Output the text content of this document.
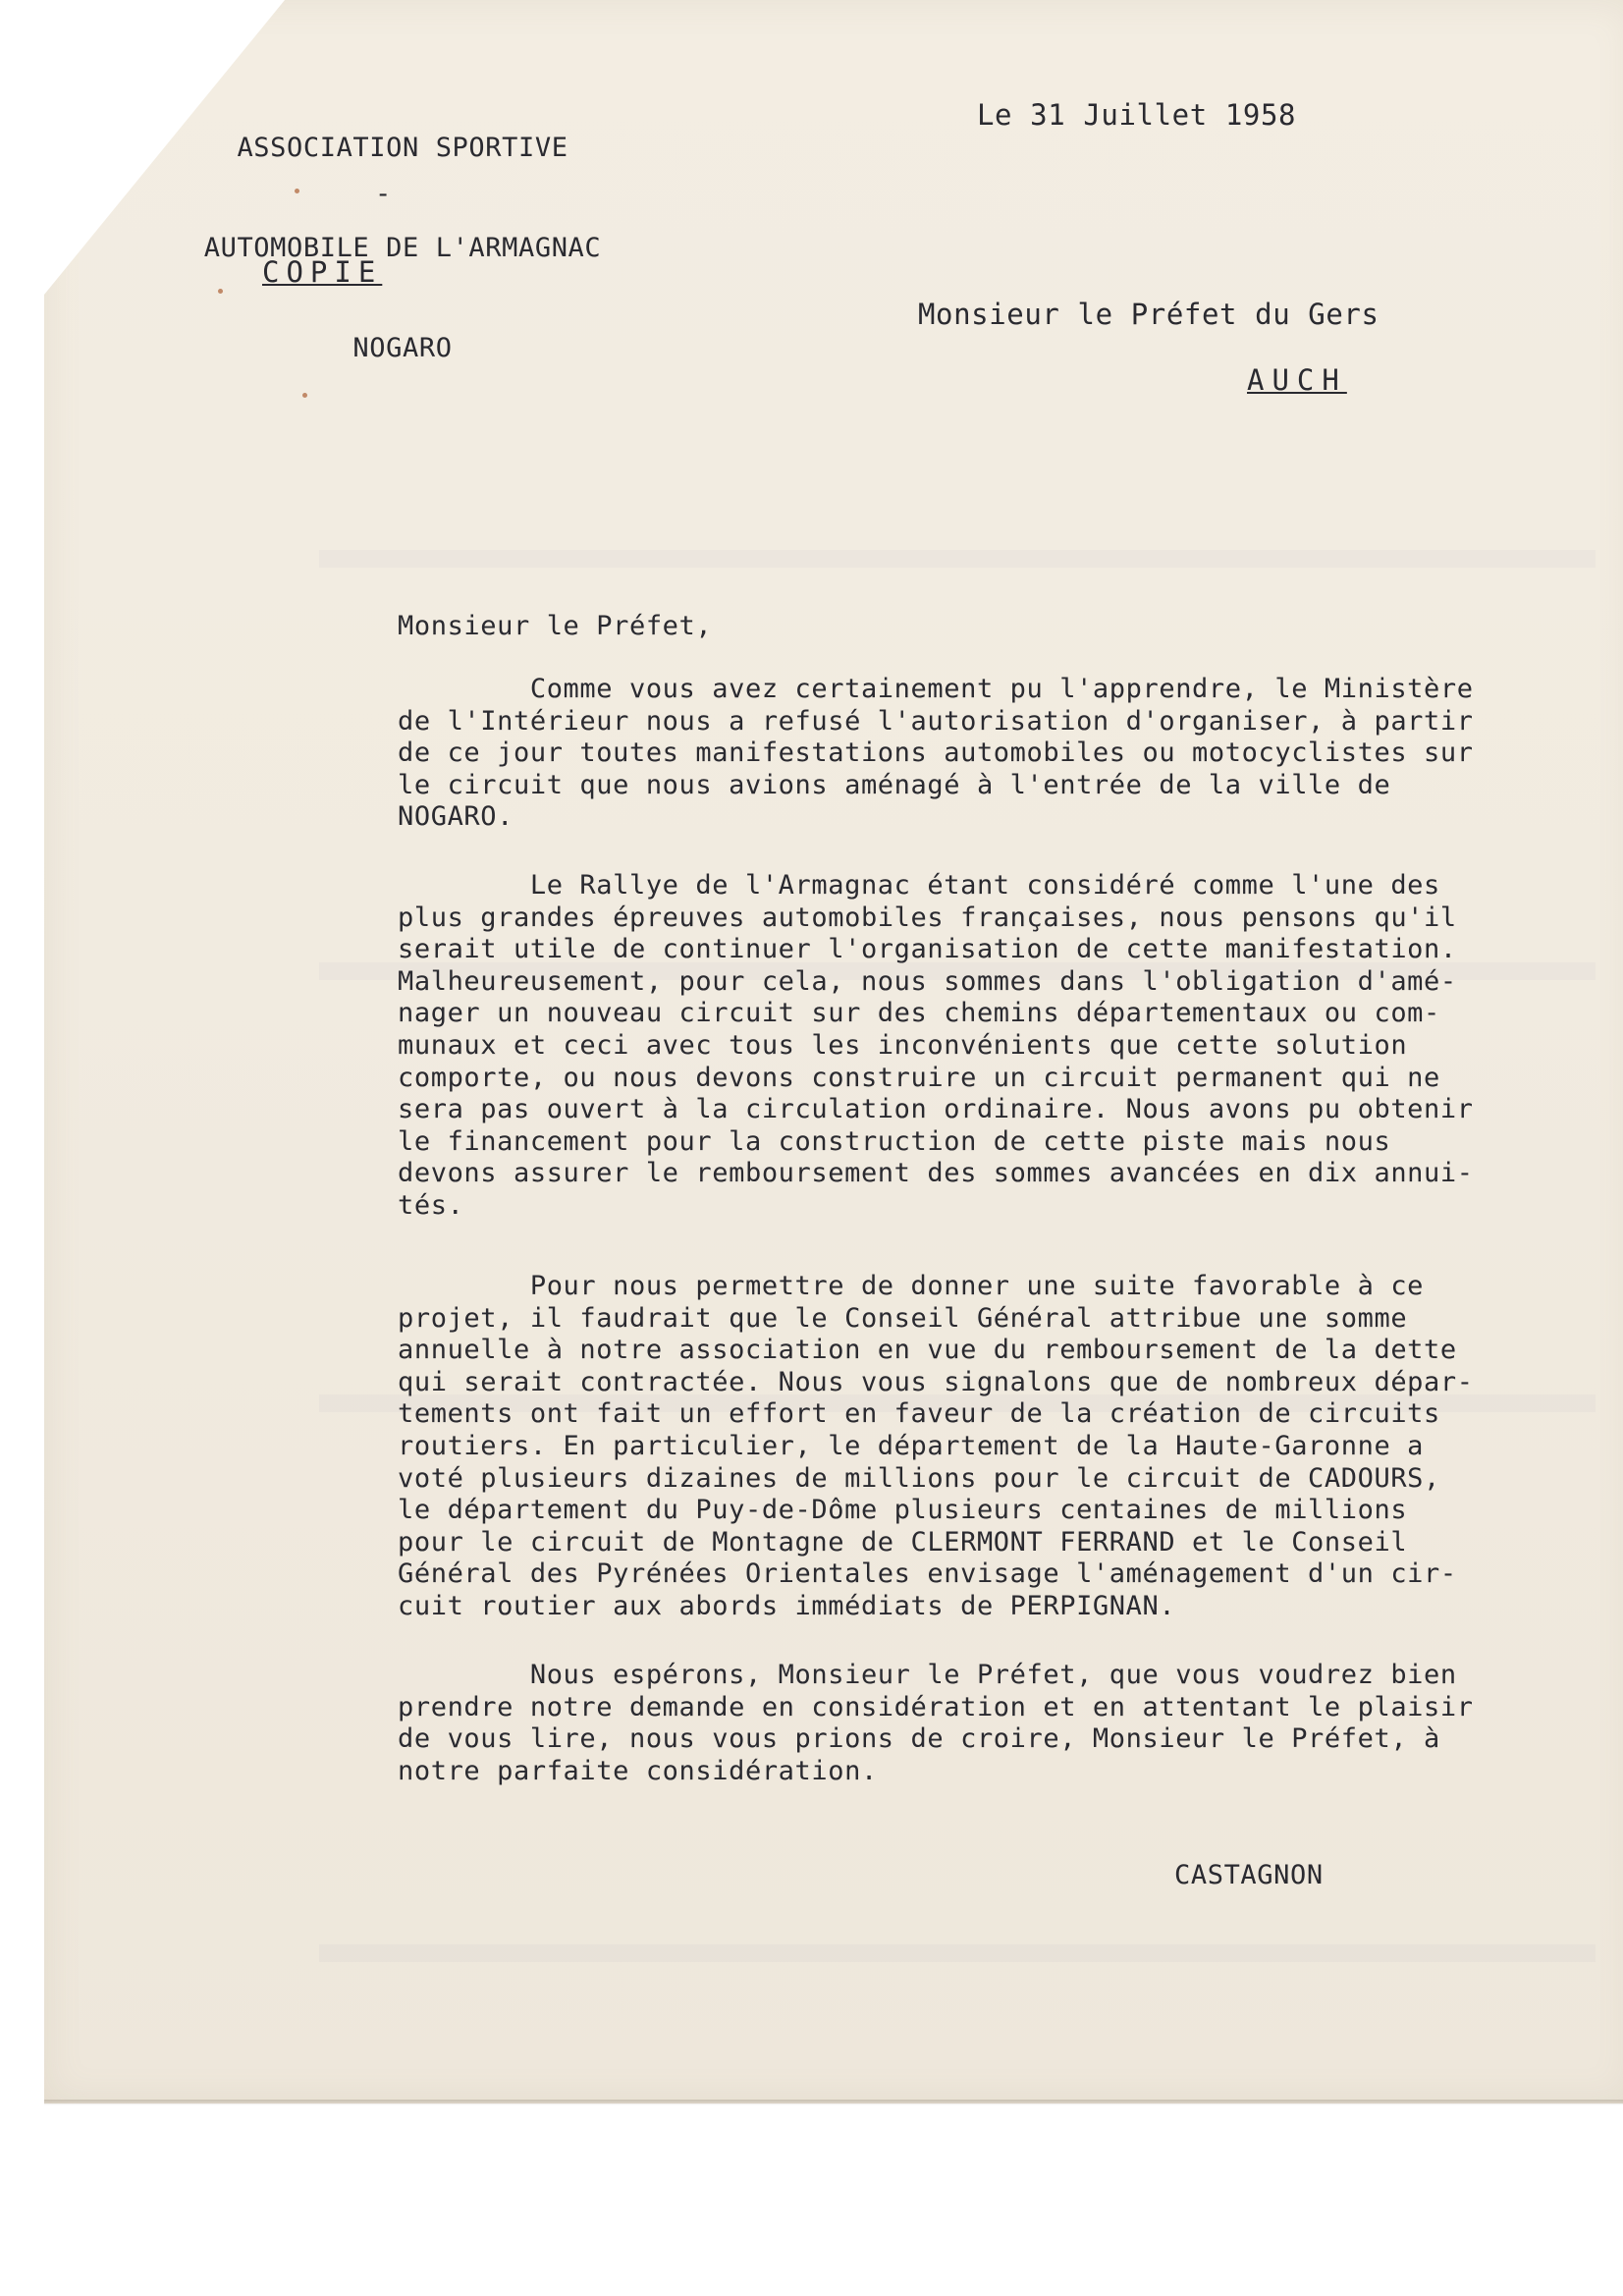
ASSOCIATION SPORTIVE

AUTOMOBILE DE L'ARMAGNAC

NOGARO

-
Le 31 Juillet 1958
COPIE
Monsieur le Préfet du Gers
AUCH
Monsieur le Préfet,
Comme vous avez certainement pu l'apprendre, le Ministère
de l'Intérieur nous a refusé l'autorisation d'organiser, à partir
de ce jour toutes manifestations automobiles ou motocyclistes sur
le circuit que nous avions aménagé à l'entrée de la ville de
NOGARO.
Le Rallye de l'Armagnac étant considéré comme l'une des
plus grandes épreuves automobiles françaises, nous pensons qu'il
serait utile de continuer l'organisation de cette manifestation.
Malheureusement, pour cela, nous sommes dans l'obligation d'amé-
nager un nouveau circuit sur des chemins départementaux ou com-
munaux et ceci avec tous les inconvénients que cette solution
comporte, ou nous devons construire un circuit permanent qui ne
sera pas ouvert à la circulation ordinaire. Nous avons pu obtenir
le financement pour la construction de cette piste mais nous
devons assurer le remboursement des sommes avancées en dix annui-
tés.
Pour nous permettre de donner une suite favorable à ce
projet, il faudrait que le Conseil Général attribue une somme
annuelle à notre association en vue du remboursement de la dette
qui serait contractée. Nous vous signalons que de nombreux dépar-
tements ont fait un effort en faveur de la création de circuits
routiers. En particulier, le département de la Haute-Garonne a
voté plusieurs dizaines de millions pour le circuit de CADOURS,
le département du Puy-de-Dôme plusieurs centaines de millions
pour le circuit de Montagne de CLERMONT FERRAND et le Conseil
Général des Pyrénées Orientales envisage l'aménagement d'un cir-
cuit routier aux abords immédiats de PERPIGNAN.
Nous espérons, Monsieur le Préfet, que vous voudrez bien
prendre notre demande en considération et en attentant le plaisir
de vous lire, nous vous prions de croire, Monsieur le Préfet, à
notre parfaite considération.
CASTAGNON
